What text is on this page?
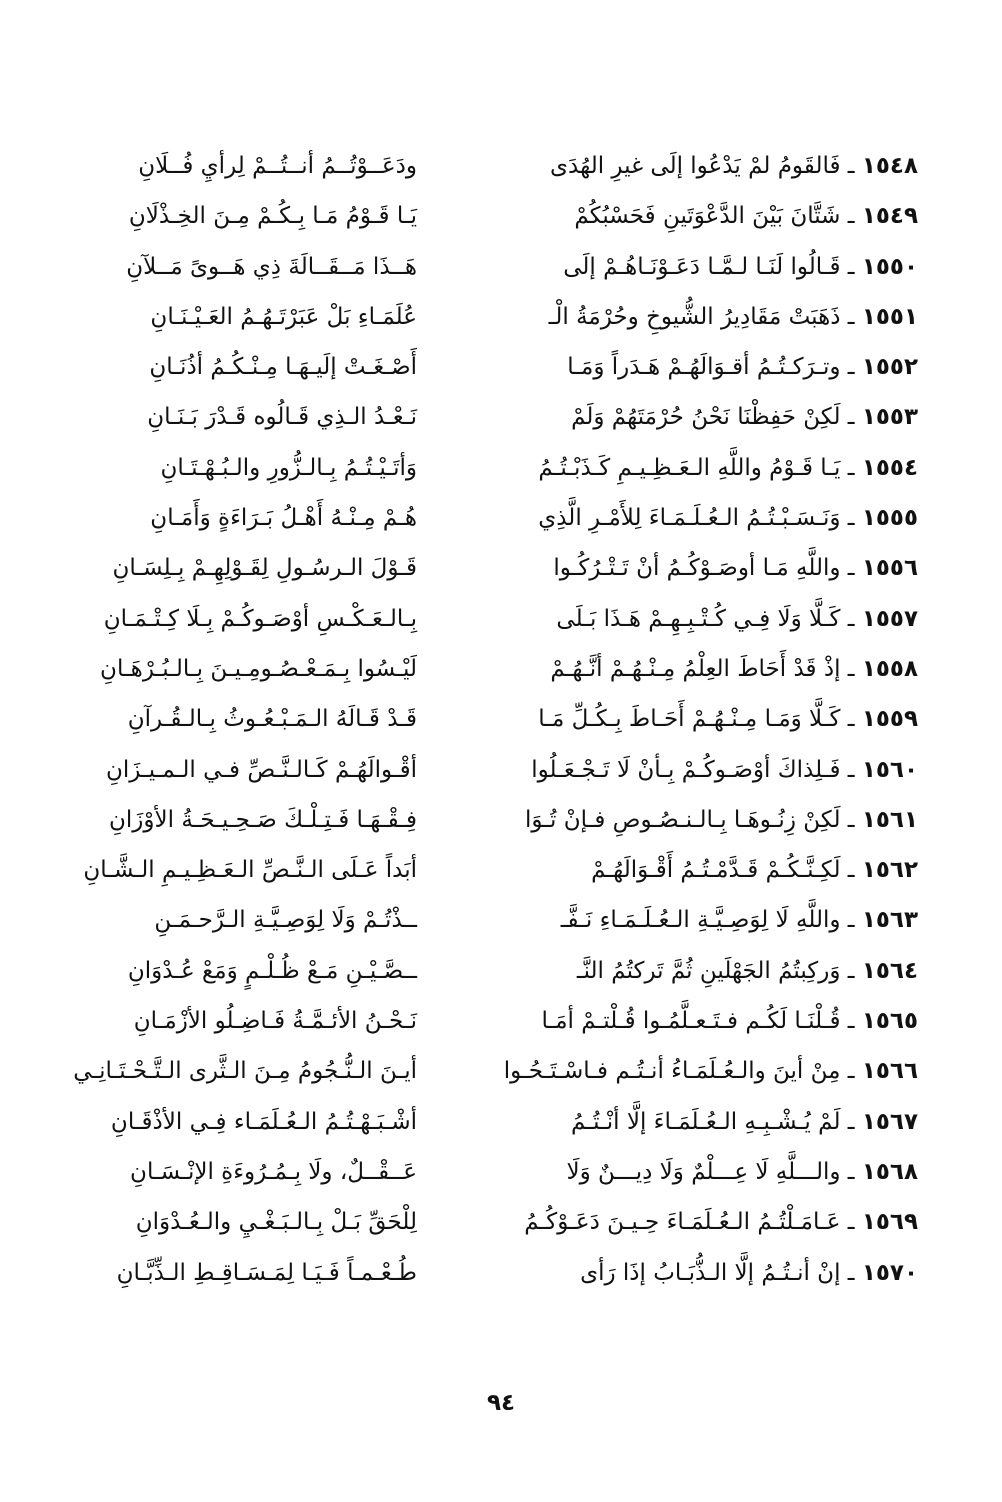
١٥٤٨ ـ فَالقَومُ لمْ يَدْعُوا إلَى غيرِ الهُدَى
ودَعَــوْتُــمُ أنــتُــمْ لِرأيِ فُــلَانِ
١٥٤٩ ـ شَتَّانَ بَيْنَ الدَّعْوَتَينِ فَحَسْبُكُمْ
يَـا قَـوْمُ مَـا بِـكُـمْ مِـنَ الخِـذْلَانِ
١٥٥٠ ـ قَـالُوا لَنَـا لـمَّـا دَعَـوْنَـاهُـمْ إلَى
هَــذَا مَــقَــالَةَ ذِي هَــوىً مَــلآنِ
١٥٥١ ـ ذَهَبَتْ مَقَادِيرُ الشُّيوخِ وحُرْمَةُ الْـ
عُلَمَـاءِ بَلْ عَبَرْتَـهُـمُ العَـيْـنَـانِ
١٥٥٢ ـ وتـرَكـتُـمُ أقـوَالَهُـمْ هَـدَراً وَمَـا
أَصْـغَـتْ إلَيـهَـا مِـنْـكُـمُ أذُنَـانِ
١٥٥٣ ـ لَكِنْ حَفِظْنَا نَحْنُ حُرْمَتَهُمْ وَلَمْ
نَـعْـدُ الـذِي قَـالُوه قَـدْرَ بَـنَـانِ
١٥٥٤ ـ يَـا قَـوْمُ واللَّهِ الـعَـظِـيـمِ كَـذَبْـتُـمُ
وَأتَـيْـتُـمُ بِـالـزُّورِ والـبُـهْـتَـانِ
١٥٥٥ ـ وَنَـسَـبْـتُـمُ الـعُـلَـمَـاءَ لِلأَمْـرِ الَّذِي
هُـمْ مِـنْـهُ أَهْـلُ بَـرَاءَةٍ وَأَمَـانِ
١٥٥٦ ـ واللَّهِ مَـا أوصَـوْكُـمُ أنْ تَـتْـرُكُـوا
قَـوْلَ الـرسُـولِ لِقَـوْلِهِـمْ بِـلِسَـانِ
١٥٥٧ ـ كَـلَّا وَلَا فِـي كُـتْـبِـهِـمْ هَـذَا بَـلَى
بِـالـعَـكْـسِ أوْصَـوكُـمْ بِـلَا كِـتْـمَـانِ
١٥٥٨ ـ إذْ قَدْ أَحَاطَ العِلْمُ مِـنْـهُـمْ أنَّـهُـمْ
لَيْـسُوا بِـمَـعْـصُـومِـيـنَ بِـالـبُـرْهَـانِ
١٥٥٩ ـ كَـلَّا وَمَـا مِـنْـهُـمْ أَحَـاطَ بِـكُـلِّ مَـا
قَـدْ قَـالَهُ الـمَـبْـعُـوثُ بِـالـقُـرآنِ
١٥٦٠ ـ فَـلِذاكَ أوْصَـوكُـمْ بِـأنْ لَا تَـجْـعَـلُوا
أقْـوالَهُـمْ كَـالـنَّـصِّ فـي الـمـيـزَانِ
١٥٦١ ـ لَكِنْ زِنُـوهَـا بِـالـنـصُـوصِ فـإنْ تُـوَا
فِـقْـهَـا فَـتِـلْـكَ صَـحِـيـحَـةُ الأوْزَانِ
١٥٦٢ ـ لَكِـنَّـكُـمْ قَـدَّمْـتُـمُ أَقْـوَالَهُـمْ
أبَداً عَـلَى الـنَّـصِّ الـعَـظِـيـمِ الـشَّـانِ
١٥٦٣ ـ واللَّهِ لَا لِوَصِـيَّـةِ الـعُـلَـمَـاءِ نَـفَّـ
ــذْتُـمْ وَلَا لِوَصِـيَّـةِ الـرَّحـمَـنِ
١٥٦٤ ـ وَركِبتُمُ الجَهْلَينِ ثُمَّ تَركتُمُ النَّـ
ــصَّـيْـنِ مَـعْ ظُـلْـمٍ وَمَعْ عُـدْوَانِ
١٥٦٥ ـ قُـلْنَـا لَكُـم فـتَـعـلَّمُـوا قُـلْتـمْ أمَـا
نَـحْـنُ الأئـمَّـةُ فَـاضِـلُو الأزْمَـانِ
١٥٦٦ ـ مِنْ أينَ والـعُـلَمَـاءُ أنـتُـم فـاسْـتَـحُـوا
أيـنَ الـنُّـجُومُ مِـنَ الـثَّرى الـتَّـحْـتَـانِـي
١٥٦٧ ـ لَمْ يُـشْـبِـهِ الـعُـلَمَـاءَ إلَّا أنْـتُـمُ
أشْـبَـهْـتُـمُ الـعُـلَمَـاء فِـي الأذْقَـانِ
١٥٦٨ ـ والـــلَّهِ لَا عِـــلْمٌ وَلَا دِيـــنٌ وَلَا
عَــقْــلٌ، ولَا بِـمُـرُوءَةِ الإنْـسَـانِ
١٥٦٩ ـ عَـامَـلْتُـمُ الـعُـلَمَـاءَ حِـيـنَ دَعَـوْكُـمُ
لِلْحَقِّ بَـلْ بِـالـبَـغْـيِ والـعُـدْوَانِ
١٥٧٠ ـ إنْ أنـتُـمُ إلَّا الـذُّبَـابُ إذَا رَأى
طُـعْـمـاً فَـيَـا لِمَـسَـاقِـطِ الـذِّبَّـانِ
٩٤
